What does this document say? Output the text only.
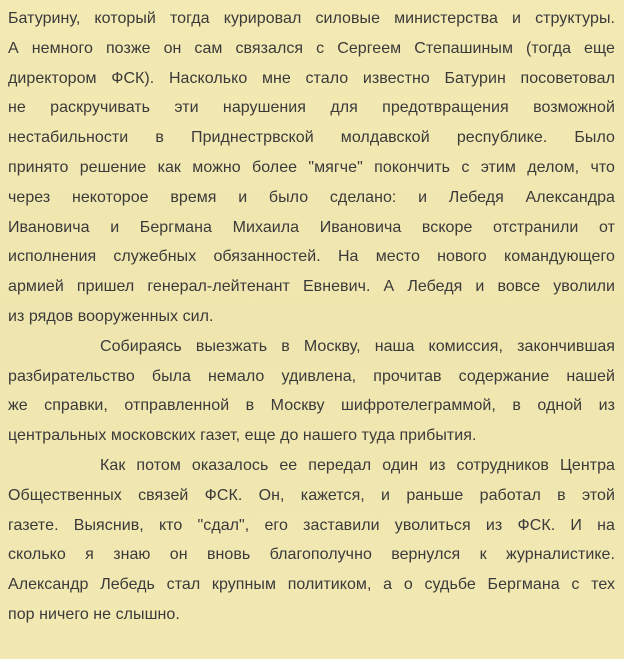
Батурину, который тогда курировал силовые министерства и структуры.
А немного позже он сам связался с Сергеем Степашиным (тогда еще
директором ФСК). Насколько мне стало известно Батурин посоветовал
не раскручивать эти нарушения для предотвращения возможной
нестабильности в Приднестрвской молдавской республике. Было
принято решение как можно более "мягче" покончить с этим делом, что
через некоторое время и было сделано: и Лебедя Александра
Ивановича и Бергмана Михаила Ивановича вскоре отстранили от
исполнения служебных обязанностей. На место нового командующего
армией пришел генерал-лейтенант Евневич. А Лебедя и вовсе уволили
из рядов вооруженных сил.
Собираясь выезжать в Москву, наша комиссия, закончившая
разбирательство была немало удивлена, прочитав содержание нашей
же справки, отправленной в Москву шифротелеграммой, в одной из
центральных московских газет, еще до нашего туда прибытия.
Как потом оказалось ее передал один из сотрудников Центра
Общественных связей ФСК. Он, кажется, и раньше работал в этой
газете. Выяснив, кто "сдал", его заставили уволиться из ФСК. И на
сколько я знаю он вновь благополучно вернулся к журналистике.
Александр Лебедь стал крупным политиком, а о судьбе Бергмана с тех
пор ничего не слышно.
